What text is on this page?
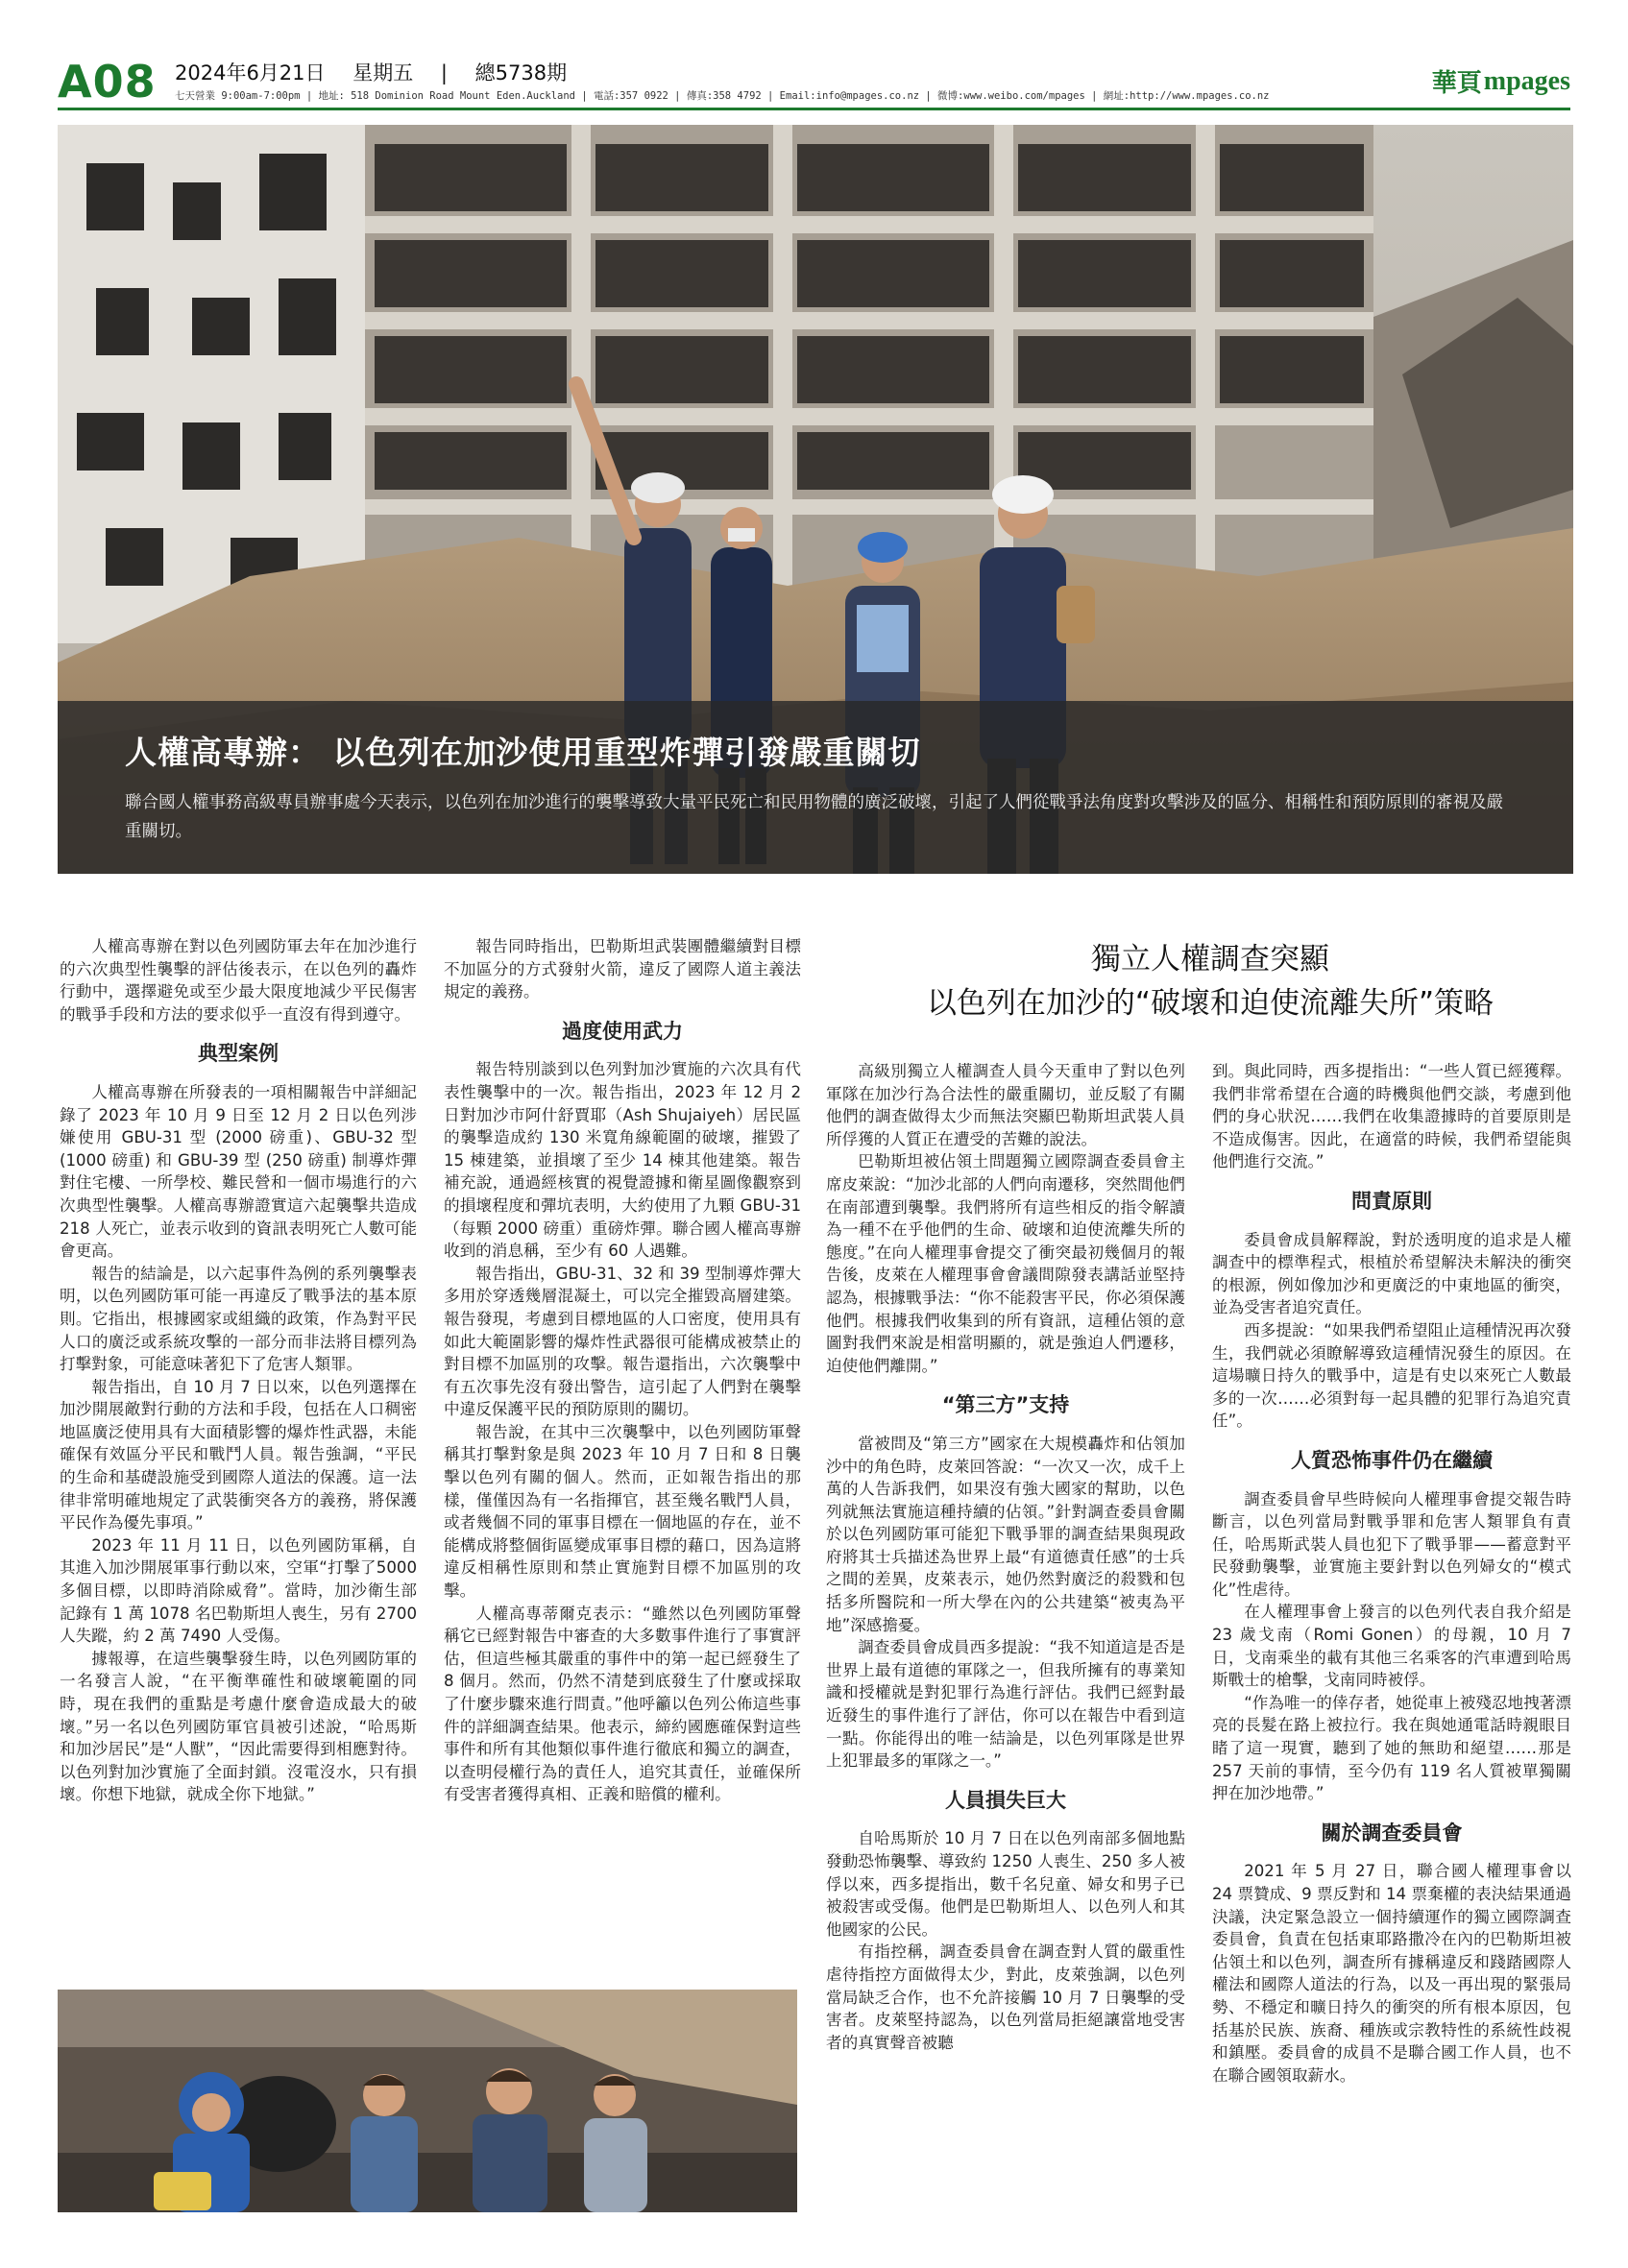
A08 2024年6月21日 星期五 | 總5738期
七天營業 9:00am-7:00pm | 地址: 518 Dominion Road Mount Eden.Auckland | 電話:357 0922 | 傳真:358 4792 | Email:info@mpages.co.nz | 微博:www.weibo.com/mpages | 網址:http://www.mpages.co.nz	華頁 mpages
人權高專辦： 以色列在加沙使用重型炸彈引發嚴重關切

聯合國人權事務高級專員辦事處今天表示，以色列在加沙進行的襲擊導致大量平民死亡和民用物體的廣泛破壞，引起了人們從戰爭法角度對攻擊涉及的區分、相稱性和預防原則的審視及嚴重關切。

人權高專辦在對以色列國防軍去年在加沙進行的六次典型性襲擊的評估後表示，在以色列的轟炸行動中，選擇避免或至少最大限度地減少平民傷害的戰爭手段和方法的要求似乎一直沒有得到遵守。

典型案例

人權高專辦在所發表的一項相關報告中詳細記錄了 2023 年 10 月 9 日至 12 月 2 日以色列涉嫌使用 GBU-31 型 (2000 磅重)、GBU-32 型 (1000 磅重) 和 GBU-39 型 (250 磅重) 制導炸彈對住宅樓、一所學校、難民營和一個市場進行的六次典型性襲擊。人權高專辦證實這六起襲擊共造成 218 人死亡，並表示收到的資訊表明死亡人數可能會更高。

報告的結論是，以六起事件為例的系列襲擊表明，以色列國防軍可能一再違反了戰爭法的基本原則。它指出，根據國家或組織的政策，作為對平民人口的廣泛或系統攻擊的一部分而非法將目標列為打擊對象，可能意味著犯下了危害人類罪。

報告指出，自 10 月 7 日以來，以色列選擇在加沙開展敵對行動的方法和手段，包括在人口稠密地區廣泛使用具有大面積影響的爆炸性武器，未能確保有效區分平民和戰鬥人員。報告強調，“平民的生命和基礎設施受到國際人道法的保護。這一法律非常明確地規定了武裝衝突各方的義務，將保護平民作為優先事項。”

2023 年 11 月 11 日，以色列國防軍稱，自其進入加沙開展軍事行動以來，空軍“打擊了5000 多個目標，以即時消除威脅”。當時，加沙衛生部記錄有 1 萬 1078 名巴勒斯坦人喪生，另有 2700 人失蹤，約 2 萬 7490 人受傷。

據報導，在這些襲擊發生時，以色列國防軍的一名發言人說，“在平衡準確性和破壞範圍的同時，現在我們的重點是考慮什麼會造成最大的破壞。”另一名以色列國防軍官員被引述說，“哈馬斯和加沙居民”是“人獸”，“因此需要得到相應對待。以色列對加沙實施了全面封鎖。沒電沒水，只有損壞。你想下地獄，就成全你下地獄。”

報告同時指出，巴勒斯坦武裝團體繼續對目標不加區分的方式發射火箭，違反了國際人道主義法規定的義務。

過度使用武力

報告特別談到以色列對加沙實施的六次具有代表性襲擊中的一次。報告指出，2023 年 12 月 2 日對加沙市阿什舒賈耶（Ash Shujaiyeh）居民區的襲擊造成約 130 米寬角線範圍的破壞，摧毀了 15 棟建築，並損壞了至少 14 棟其他建築。報告補充說，通過經核實的視覺證據和衛星圖像觀察到的損壞程度和彈坑表明，大約使用了九顆 GBU-31（每顆 2000 磅重）重磅炸彈。聯合國人權高專辦收到的消息稱，至少有 60 人遇難。

報告指出，GBU-31、32 和 39 型制導炸彈大多用於穿透幾層混凝土，可以完全摧毀高層建築。報告發現，考慮到目標地區的人口密度，使用具有如此大範圍影響的爆炸性武器很可能構成被禁止的對目標不加區別的攻擊。報告還指出，六次襲擊中有五次事先沒有發出警告，這引起了人們對在襲擊中違反保護平民的預防原則的關切。

報告說，在其中三次襲擊中，以色列國防軍聲稱其打擊對象是與 2023 年 10 月 7 日和 8 日襲擊以色列有關的個人。然而，正如報告指出的那樣，僅僅因為有一名指揮官，甚至幾名戰鬥人員，或者幾個不同的軍事目標在一個地區的存在，並不能構成將整個街區變成軍事目標的藉口，因為這將違反相稱性原則和禁止實施對目標不加區別的攻擊。

人權高專蒂爾克表示：“雖然以色列國防軍聲稱它已經對報告中審查的大多數事件進行了事實評估，但這些極其嚴重的事件中的第一起已經發生了 8 個月。然而，仍然不清楚到底發生了什麼或採取了什麼步驟來進行問責。”他呼籲以色列公佈這些事件的詳細調查結果。他表示，締約國應確保對這些事件和所有其他類似事件進行徹底和獨立的調查，以查明侵權行為的責任人，追究其責任，並確保所有受害者獲得真相、正義和賠償的權利。

獨立人權調查突顯
以色列在加沙的“破壞和迫使流離失所”策略

高級別獨立人權調查人員今天重申了對以色列軍隊在加沙行為合法性的嚴重關切，並反駁了有關他們的調查做得太少而無法突顯巴勒斯坦武裝人員所俘獲的人質正在遭受的苦難的說法。

巴勒斯坦被佔領土問題獨立國際調查委員會主席皮萊說：“加沙北部的人們向南遷移，突然間他們在南部遭到襲擊。我們將所有這些相反的指令解讀為一種不在乎他們的生命、破壞和迫使流離失所的態度。”在向人權理事會提交了衝突最初幾個月的報告後，皮萊在人權理事會會議間隙發表講話並堅持認為，根據戰爭法：“你不能殺害平民，你必須保護他們。根據我們收集到的所有資訊，這種佔領的意圖對我們來說是相當明顯的，就是強迫人們遷移，迫使他們離開。”

“第三方”支持

當被問及“第三方”國家在大規模轟炸和佔領加沙中的角色時，皮萊回答說：“一次又一次，成千上萬的人告訴我們，如果沒有強大國家的幫助，以色列就無法實施這種持續的佔領。”針對調查委員會關於以色列國防軍可能犯下戰爭罪的調查結果與現政府將其士兵描述為世界上最“有道德責任感”的士兵之間的差異，皮萊表示，她仍然對廣泛的殺戮和包括多所醫院和一所大學在內的公共建築“被夷為平地”深感擔憂。

調查委員會成員西多提說：“我不知道這是否是世界上最有道德的軍隊之一，但我所擁有的專業知識和授權就是對犯罪行為進行評估。我們已經對最近發生的事件進行了評估，你可以在報告中看到這一點。你能得出的唯一結論是，以色列軍隊是世界上犯罪最多的軍隊之一。”

人員損失巨大

自哈馬斯於 10 月 7 日在以色列南部多個地點發動恐怖襲擊、導致約 1250 人喪生、250 多人被俘以來，西多提指出，數千名兒童、婦女和男子已被殺害或受傷。他們是巴勒斯坦人、以色列人和其他國家的公民。

有指控稱，調查委員會在調查對人質的嚴重性虐待指控方面做得太少，對此，皮萊強調，以色列當局缺乏合作，也不允許接觸 10 月 7 日襲擊的受害者。皮萊堅持認為，以色列當局拒絕讓當地受害者的真實聲音被聽

到。與此同時，西多提指出：“一些人質已經獲釋。我們非常希望在合適的時機與他們交談，考慮到他們的身心狀況……我們在收集證據時的首要原則是不造成傷害。因此，在適當的時候，我們希望能與他們進行交流。”

問責原則

委員會成員解釋說，對於透明度的追求是人權調查中的標準程式，根植於希望解決未解決的衝突的根源，例如像加沙和更廣泛的中東地區的衝突，並為受害者追究責任。

西多提說：“如果我們希望阻止這種情況再次發生，我們就必須瞭解導致這種情況發生的原因。在這場曠日持久的戰爭中，這是有史以來死亡人數最多的一次……必須對每一起具體的犯罪行為追究責任”。

人質恐怖事件仍在繼續

調查委員會早些時候向人權理事會提交報告時斷言，以色列當局對戰爭罪和危害人類罪負有責任，哈馬斯武裝人員也犯下了戰爭罪——蓄意對平民發動襲擊，並實施主要針對以色列婦女的“模式化”性虐待。

在人權理事會上發言的以色列代表自我介紹是 23 歲戈南（Romi Gonen）的母親，10 月 7 日，戈南乘坐的載有其他三名乘客的汽車遭到哈馬斯戰士的槍擊，戈南同時被俘。

“作為唯一的倖存者，她從車上被殘忍地拽著漂亮的長髮在路上被拉行。我在與她通電話時親眼目睹了這一現實，聽到了她的無助和絕望……那是 257 天前的事情，至今仍有 119 名人質被單獨關押在加沙地帶。”

關於調查委員會

2021 年 5 月 27 日，聯合國人權理事會以 24 票贊成、9 票反對和 14 票棄權的表決結果通過決議，決定緊急設立一個持續運作的獨立國際調查委員會，負責在包括東耶路撒冷在內的巴勒斯坦被佔領土和以色列，調查所有據稱違反和踐踏國際人權法和國際人道法的行為，以及一再出現的緊張局勢、不穩定和曠日持久的衝突的所有根本原因，包括基於民族、族裔、種族或宗教特性的系統性歧視和鎮壓。委員會的成員不是聯合國工作人員，也不在聯合國領取薪水。
